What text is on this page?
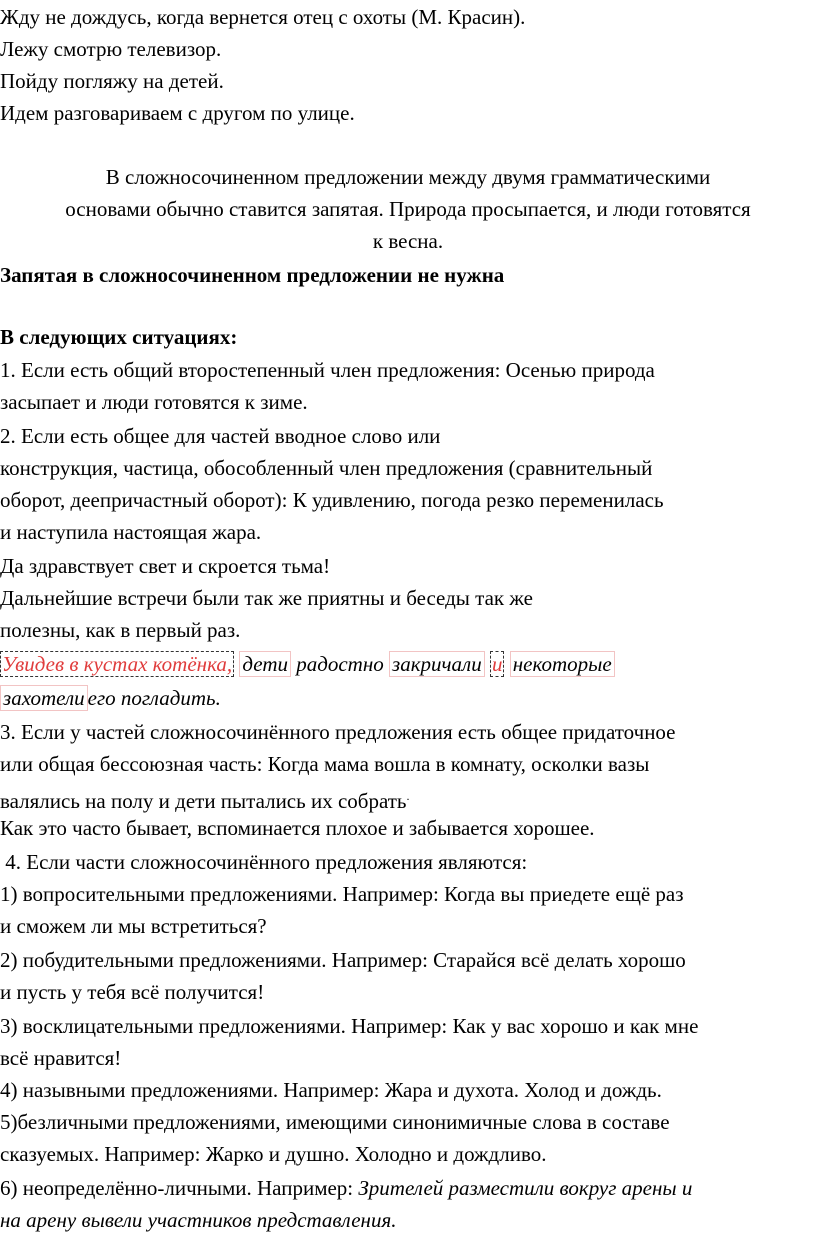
Жду не дождусь, когда вернется отец с охоты (М. Красин).
Лежу смотрю телевизор.
Пойду погляжу на детей.
Идем разговариваем с другом по улице.
В сложносочиненном предложении между двумя грамматическими
основами обычно ставится запятая. Природа просыпается, и люди готовятся
к весна.
Запятая в сложносочиненном предложении не нужна
В следующих ситуациях:
1. Если есть общий второстепенный член предложения: Осенью природа
засыпает и люди готовятся к зиме.
2. Если есть общее для частей вводное слово или
конструкция, частица, обособленный член предложения (сравнительный
оборот, деепричастный оборот): К удивлению, погода резко переменилась
и наступила настоящая жара.
Да здравствует свет и скроется тьма!
Дальнейшие встречи были так же приятны и беседы так же
полезны, как в первый раз.
Увидев в кустах котёнка, дети радостно закричали и некоторые
захотели его погладить.
3. Если у частей сложносочинённого предложения есть общее придаточное
или общая бессоюзная часть: Когда мама вошла в комнату, осколки вазы
валялись на полу и дети пытались их собрать.
Как это часто бывает, вспоминается плохое и забывается хорошее.
4. Если части сложносочинённого предложения являются:
1) вопросительными предложениями. Например: Когда вы приедете ещё раз
и сможем ли мы встретиться?
2) побудительными предложениями. Например: Старайся всё делать хорошо
и пусть у тебя всё получится!
3) восклицательными предложениями. Например: Как у вас хорошо и как мне
всё нравится!
4) назывными предложениями. Например: Жара и духота. Холод и дождь.
5)безличными предложениями, имеющими синонимичные слова в составе
сказуемых. Например: Жарко и душно. Холодно и дождливо.
6) неопределённо-личными. Например: Зрителей разместили вокруг арены и
на арену вывели участников представления.
